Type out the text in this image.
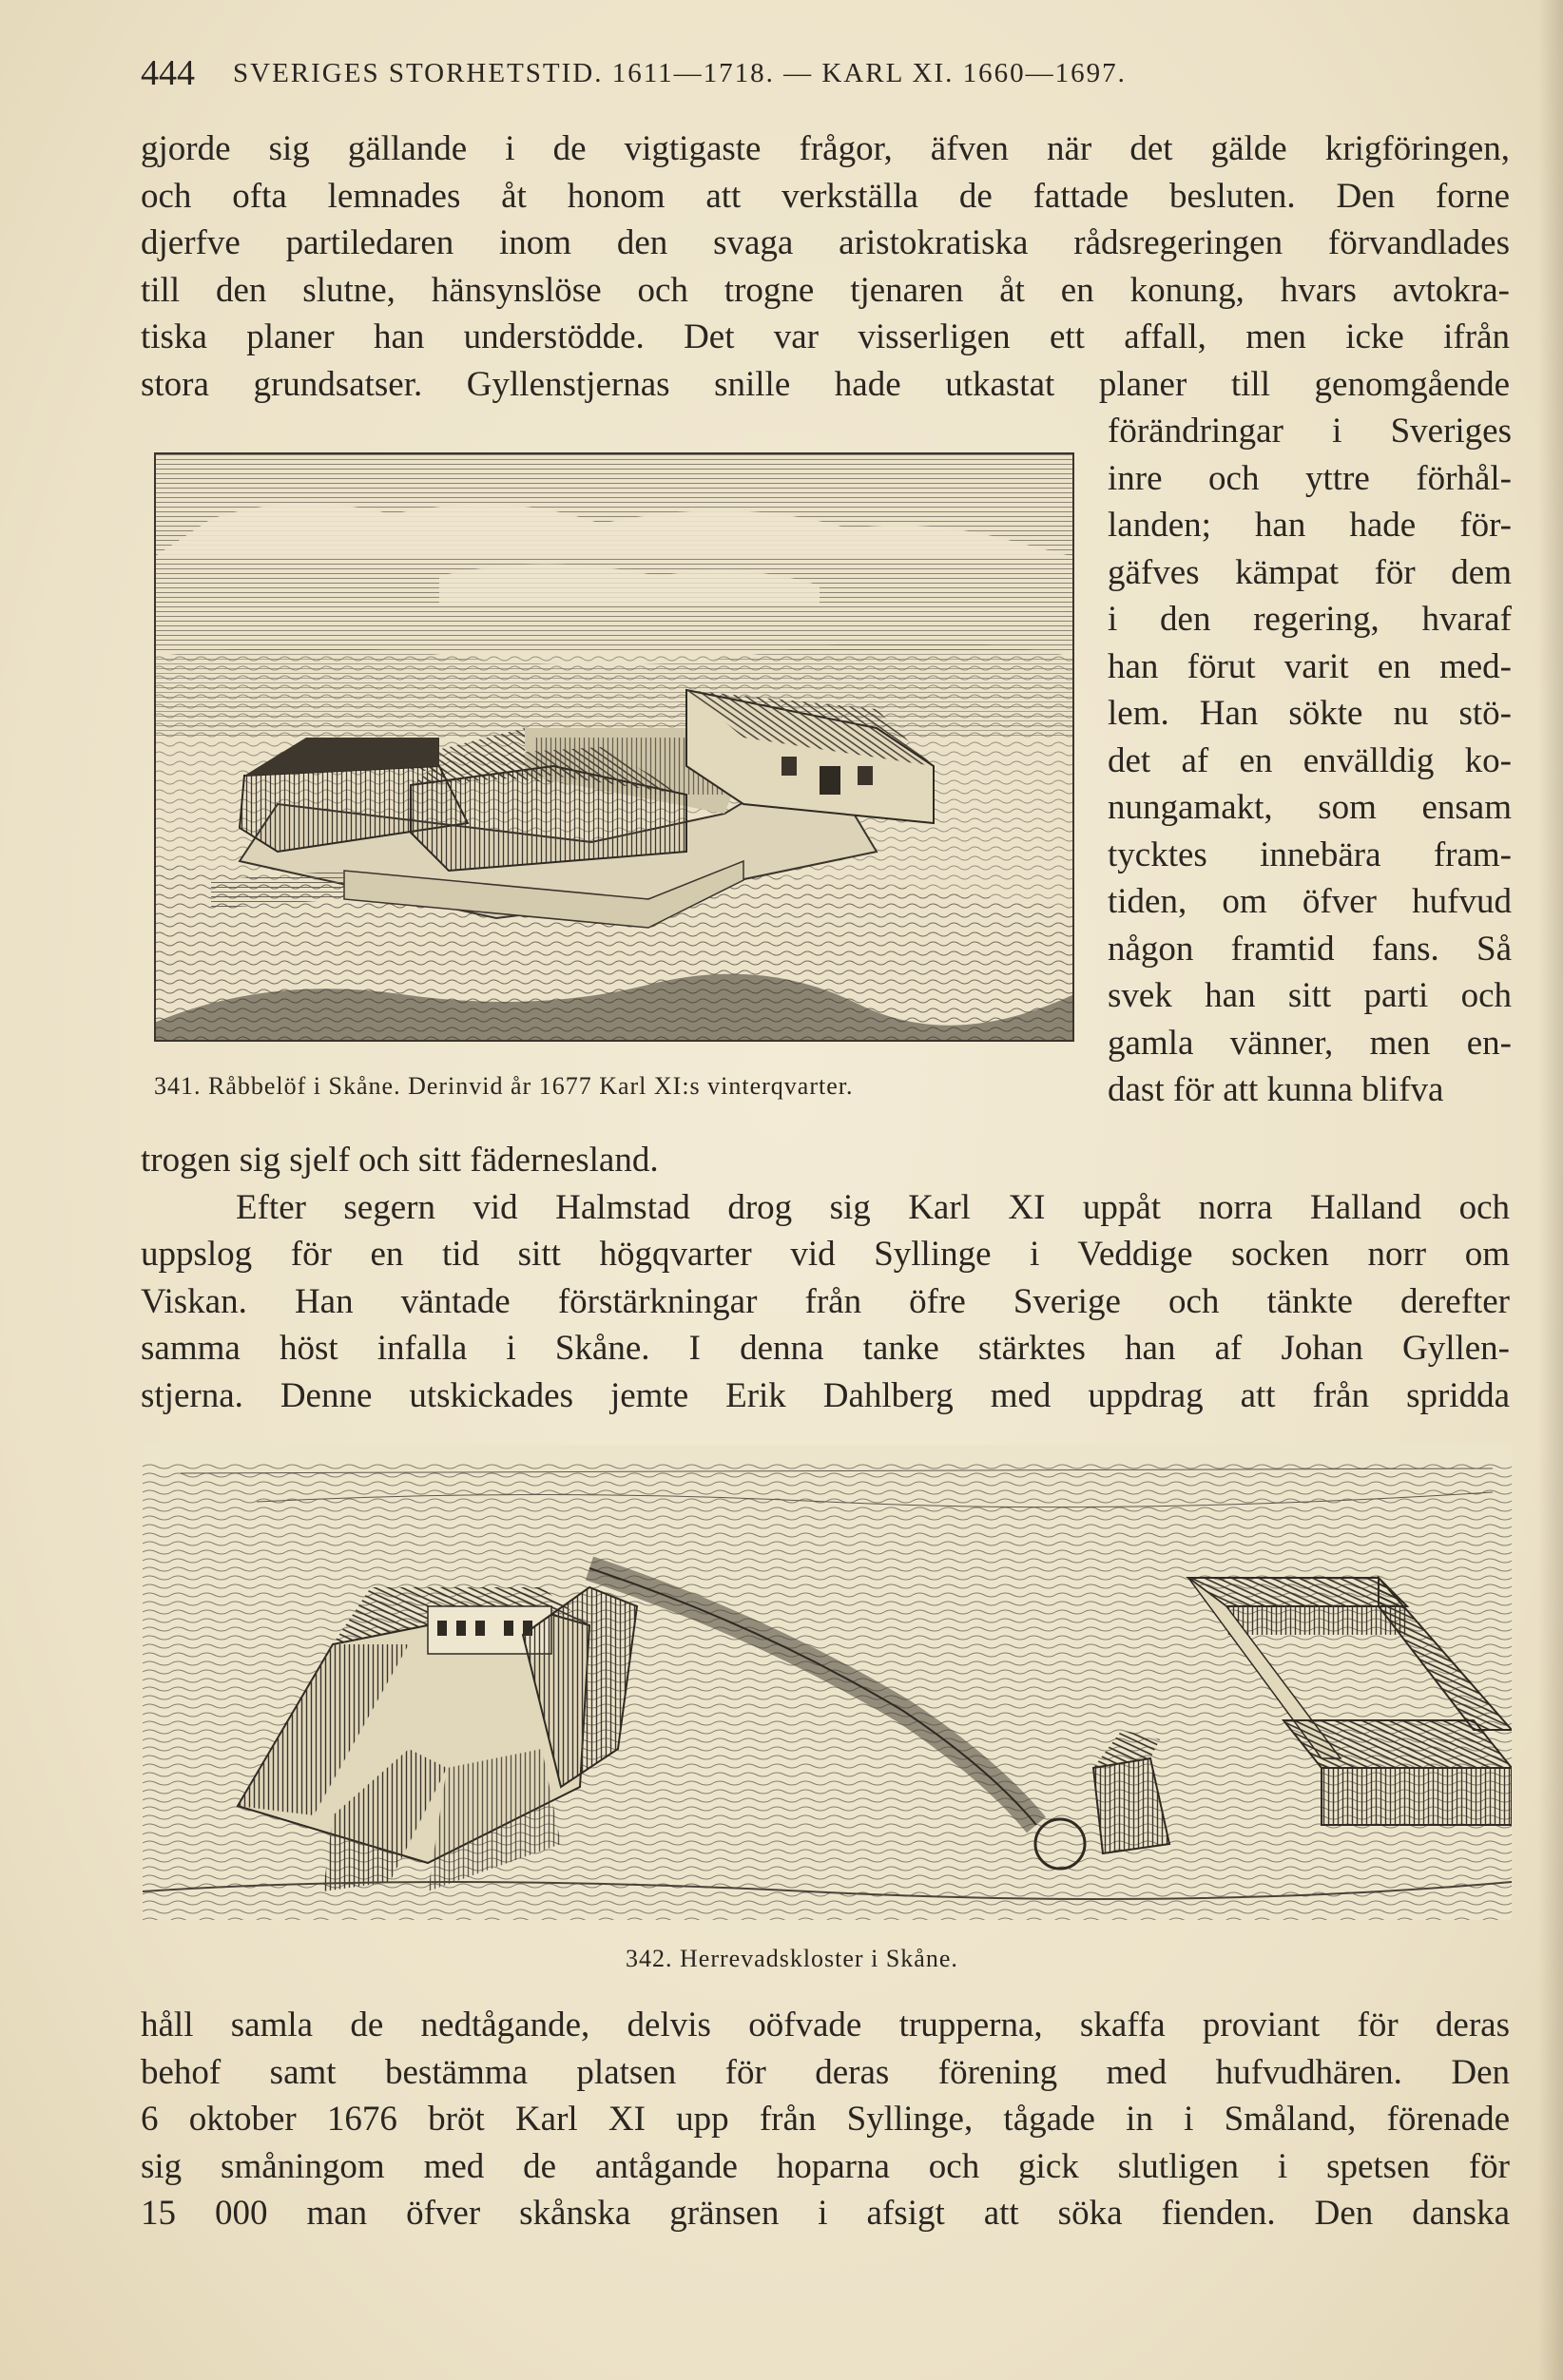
444 SVERIGES STORHETSTID. 1611—1718. — KARL XI. 1660—1697.
gjorde sig gällande i de vigtigaste frågor, äfven när det gälde krigföringen,
och ofta lemnades åt honom att verkställa de fattade besluten. Den forne
djerfve partiledaren inom den svaga aristokratiska rådsregeringen förvandlades
till den slutne, hänsynslöse och trogne tjenaren åt en konung, hvars avtokra-
tiska planer han understödde. Det var visserligen ett affall, men icke ifrån
stora grundsatser. Gyllenstjernas snille hade utkastat planer till genomgående
förändringar i Sveriges
inre och yttre förhål-
landen; han hade för-
gäfves kämpat för dem
i den regering, hvaraf
han förut varit en med-
lem. Han sökte nu stö-
det af en envälldig ko-
nungamakt, som ensam
tycktes innebära fram-
tiden, om öfver hufvud
någon framtid fans. Så
svek han sitt parti och
gamla vänner, men en-
dast för att kunna blifva
341. Råbbelöf i Skåne. Derinvid år 1677 Karl XI:s vinterqvarter.
trogen sig sjelf och sitt fädernesland.
Efter segern vid Halmstad drog sig Karl XI uppåt norra Halland och
uppslog för en tid sitt högqvarter vid Syllinge i Veddige socken norr om
Viskan. Han väntade förstärkningar från öfre Sverige och tänkte derefter
samma höst infalla i Skåne. I denna tanke stärktes han af Johan Gyllen-
stjerna. Denne utskickades jemte Erik Dahlberg med uppdrag att från spridda
342. Herrevadskloster i Skåne.
håll samla de nedtågande, delvis oöfvade trupperna, skaffa proviant för deras
behof samt bestämma platsen för deras förening med hufvudhären. Den
6 oktober 1676 bröt Karl XI upp från Syllinge, tågade in i Småland, förenade
sig småningom med de antågande hoparna och gick slutligen i spetsen för
15 000 man öfver skånska gränsen i afsigt att söka fienden. Den danska
